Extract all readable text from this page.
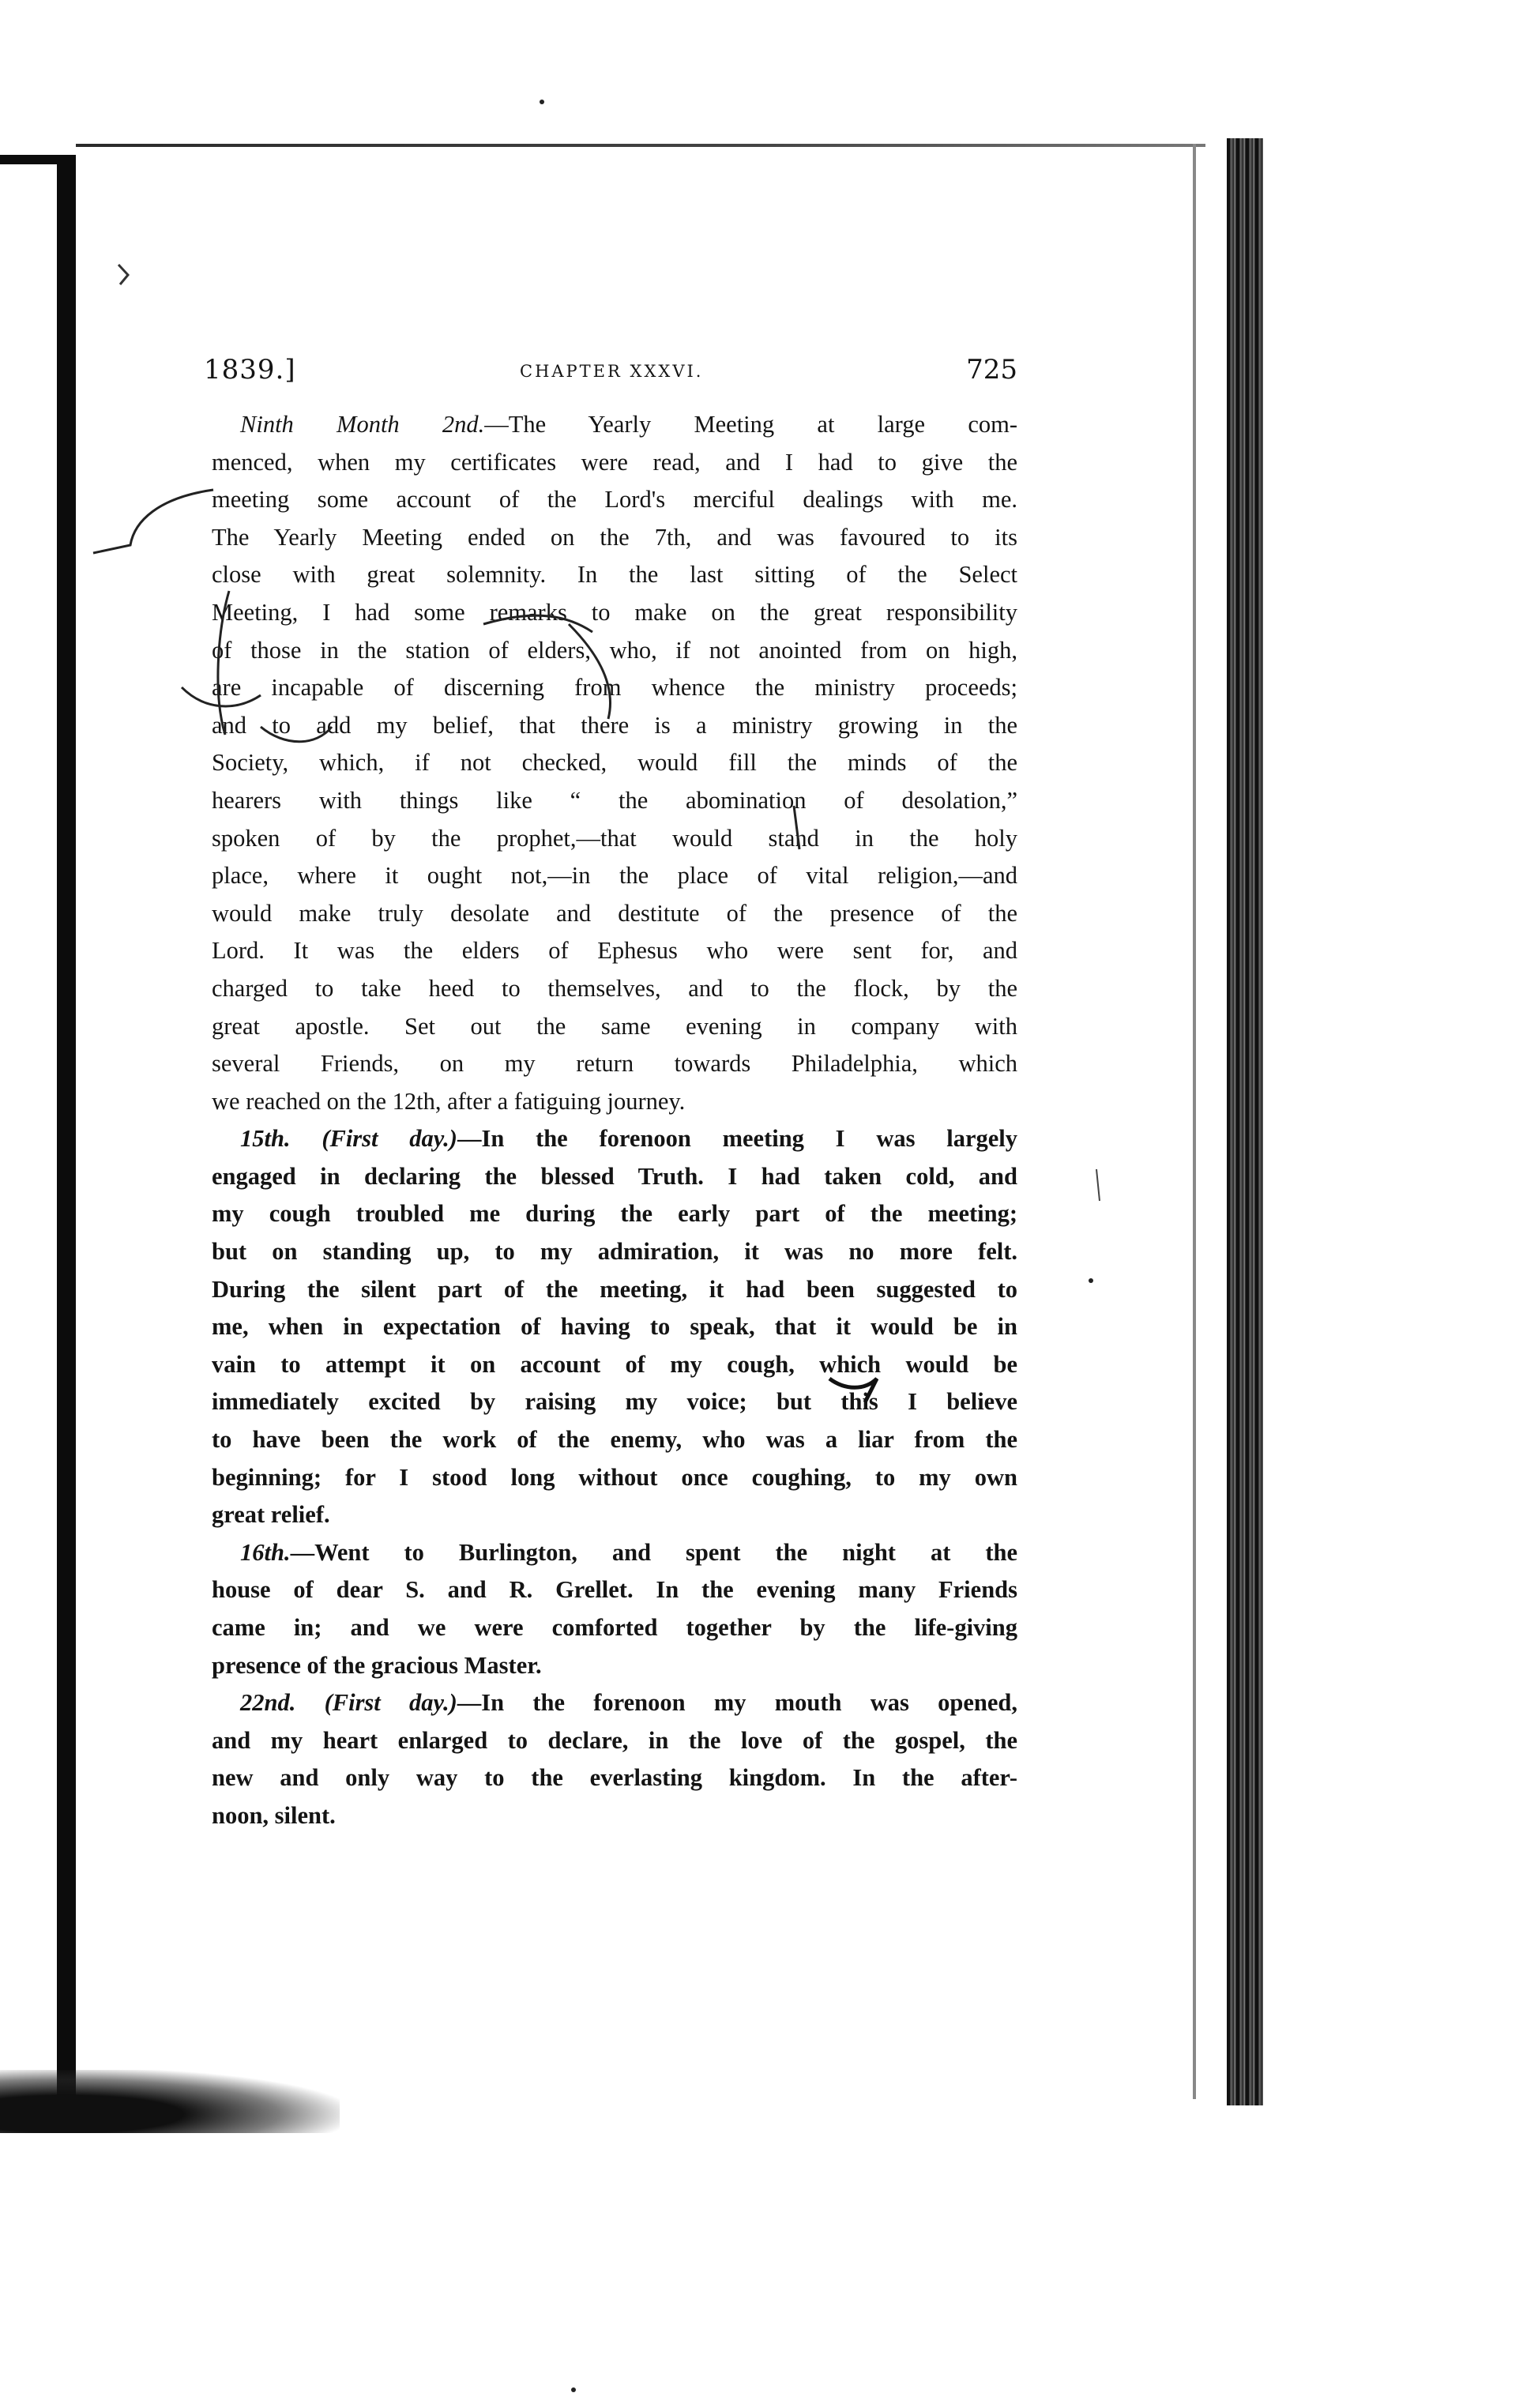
1839.]	CHAPTER XXXVI.	725
Ninth Month 2nd.—The Yearly Meeting at large com-
menced, when my certificates were read, and I had to give the
meeting some account of the Lord's merciful dealings with me.
The Yearly Meeting ended on the 7th, and was favoured to its
close with great solemnity. In the last sitting of the Select
Meeting, I had some remarks to make on the great responsibility
of those in the station of elders, who, if not anointed from on high,
are incapable of discerning from whence the ministry proceeds;
and to add my belief, that there is a ministry growing in the
Society, which, if not checked, would fill the minds of the
hearers with things like “ the abomination of desolation,”
spoken of by the prophet,—that would stand in the holy
place, where it ought not,—in the place of vital religion,—and
would make truly desolate and destitute of the presence of the
Lord. It was the elders of Ephesus who were sent for, and
charged to take heed to themselves, and to the flock, by the
great apostle. Set out the same evening in company with
several Friends, on my return towards Philadelphia, which
we reached on the 12th, after a fatiguing journey.
15th. (First day.)—In the forenoon meeting I was largely
engaged in declaring the blessed Truth. I had taken cold, and
my cough troubled me during the early part of the meeting;
but on standing up, to my admiration, it was no more felt.
During the silent part of the meeting, it had been suggested to
me, when in expectation of having to speak, that it would be in
vain to attempt it on account of my cough, which would be
immediately excited by raising my voice; but this I believe
to have been the work of the enemy, who was a liar from the
beginning; for I stood long without once coughing, to my own
great relief.
16th.—Went to Burlington, and spent the night at the
house of dear S. and R. Grellet. In the evening many Friends
came in; and we were comforted together by the life-giving
presence of the gracious Master.
22nd. (First day.)—In the forenoon my mouth was opened,
and my heart enlarged to declare, in the love of the gospel, the
new and only way to the everlasting kingdom. In the after-
noon, silent.
